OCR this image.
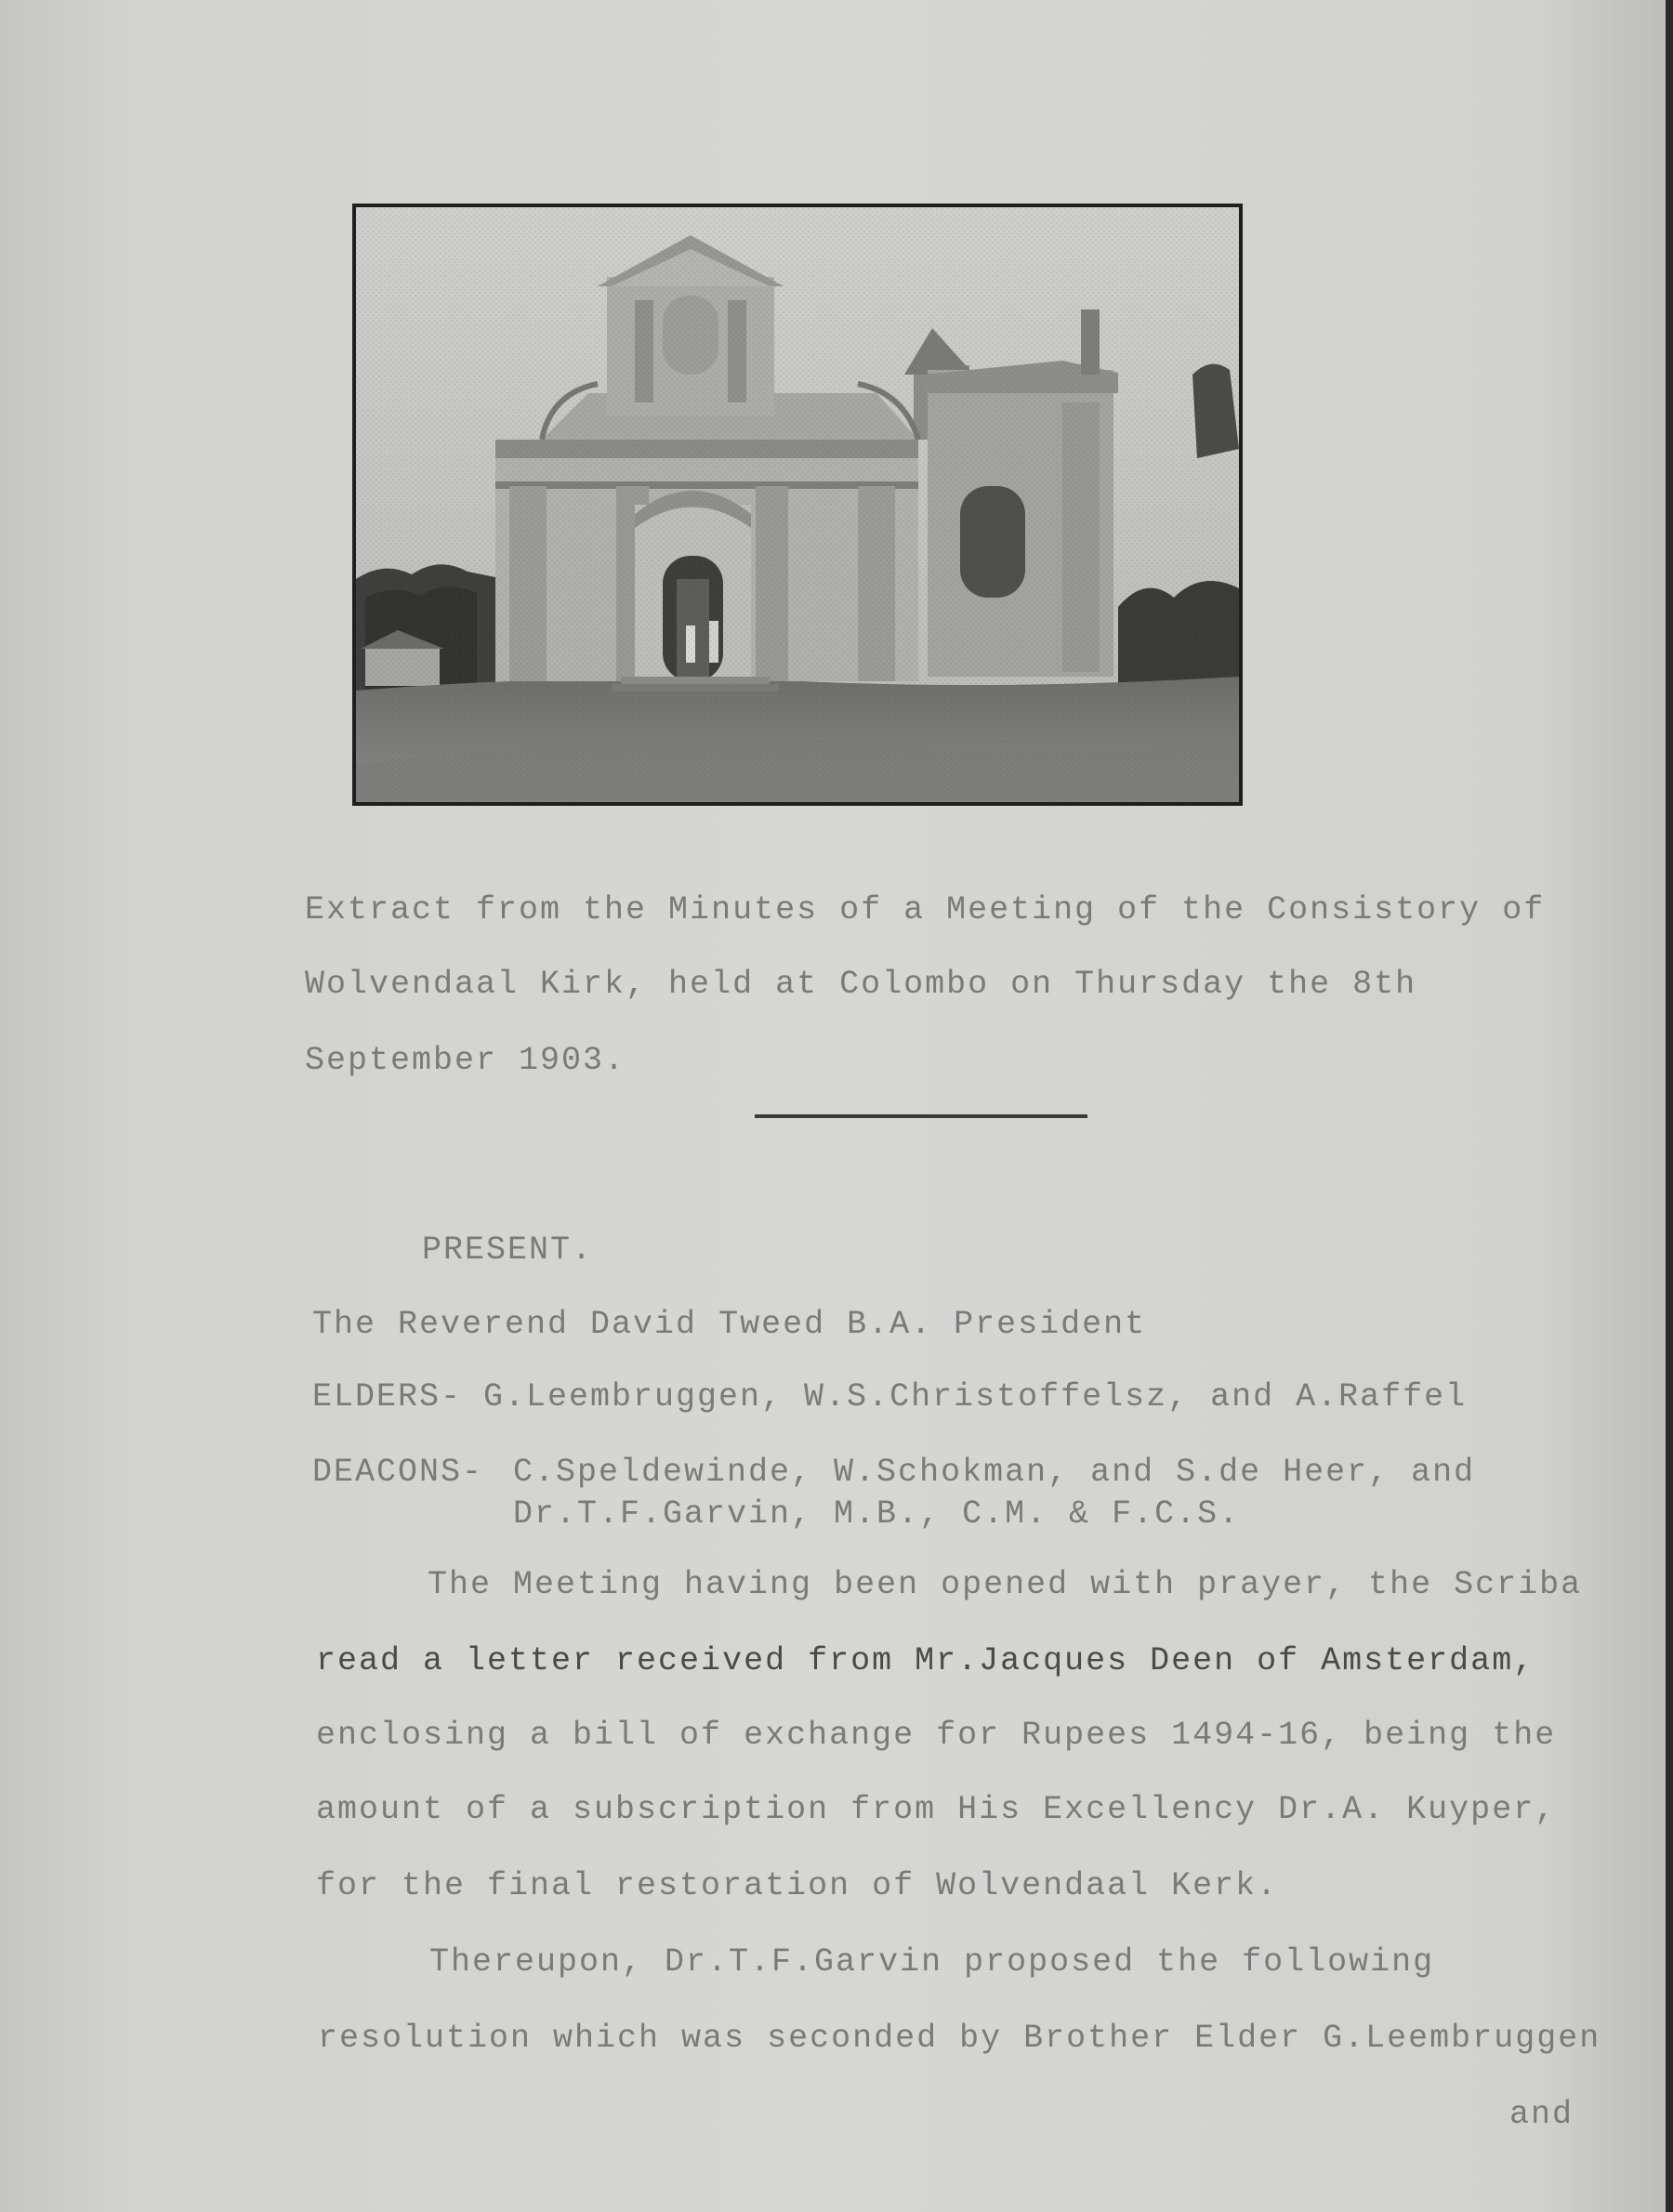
Extract from the Minutes of a Meeting of the Consistory of
Wolvendaal Kirk, held at Colombo on Thursday the 8th
September 1903.
PRESENT.
The Reverend David Tweed B.A. President
ELDERS- G.Leembruggen, W.S.Christoffelsz, and A.Raffel
DEACONS- C.Speldewinde, W.Schokman, and S.de Heer, and
Dr.T.F.Garvin, M.B., C.M. & F.C.S.
The Meeting having been opened with prayer, the Scriba
read a letter received from Mr.Jacques Deen of Amsterdam,
enclosing a bill of exchange for Rupees 1494-16, being the
amount of a subscription from His Excellency Dr.A. Kuyper,
for the final restoration of Wolvendaal Kerk.
Thereupon, Dr.T.F.Garvin proposed the following
resolution which was seconded by Brother Elder G.Leembruggen
and
